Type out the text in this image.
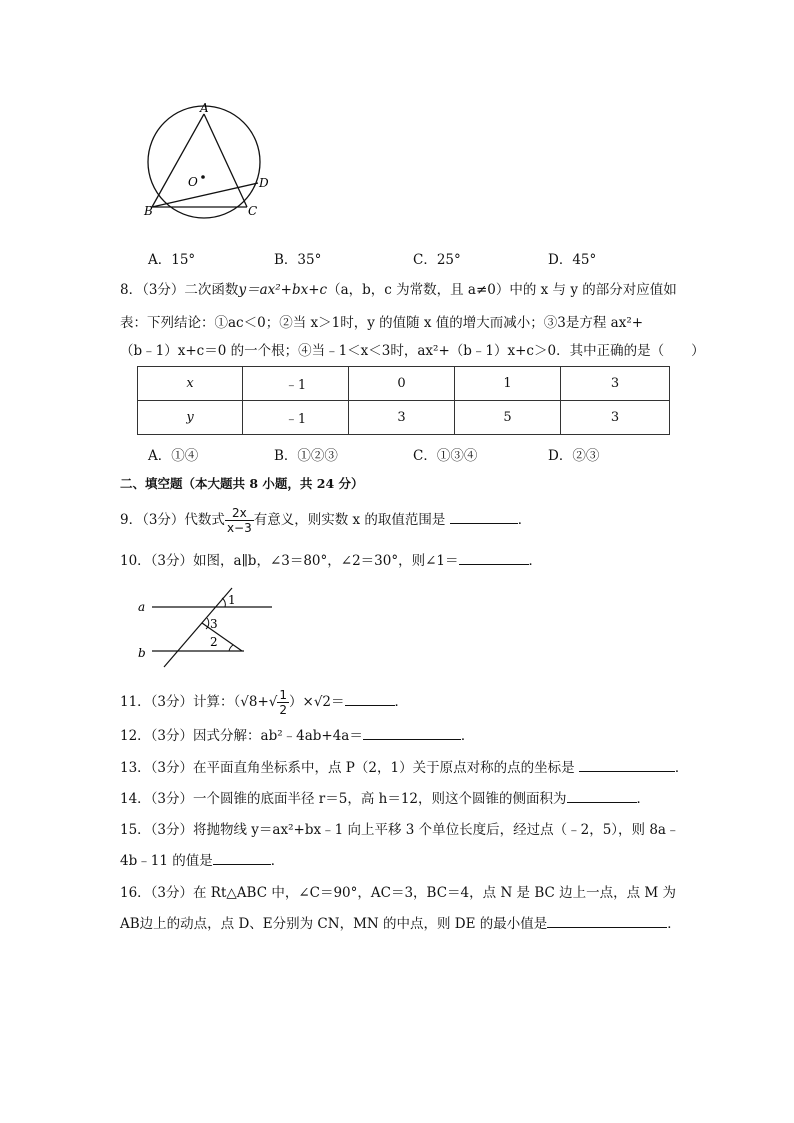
A
O
B	C
D
A．15°	B．35°	C．25°	D．45°
8．（3分）二次函数y＝ax²+bx+c（a，b，c 为常数，且 a≠0）中的 x 与 y 的部分对应值如
表：下列结论：①ac＜0；②当 x＞1时，y 的值随 x 值的增大而减小；③3是方程 ax²+
（b﹣1）x+c＝0 的一个根；④当﹣1＜x＜3时，ax²+（b﹣1）x+c＞0．其中正确的是（　　）
x	﹣1	0	1	3
y	﹣1	3	5	3
A．①④	B．①②③	C．①③④	D．②③
二、填空题（本大题共 8 小题，共 24 分）
9．（3分）代数式 $\frac{2x}{x-3}$ 有意义，则实数 x 的取值范围是	．
10．（3分）如图，a∥b，∠3＝80°，∠2＝30°，则∠1＝	．
a
b
1
3
2
11．（3分）计算：$(√8+√ \frac{1}{2} )\times√2=$	．
12．（3分）因式分解：ab²﹣4ab+4a＝	．
13．（3分）在平面直角坐标系中，点 P（2，1）关于原点对称的点的坐标是	．
14．（3分）一个圆锥的底面半径 r＝5，高 h＝12，则这个圆锥的侧面积为	．
15．（3分）将抛物线 y＝ax²+bx﹣1 向上平移 3 个单位长度后，经过点（﹣2，5），则 8a﹣
4b﹣11 的值是	．
16．（3分）在 Rt△ABC 中，∠C＝90°，AC＝3，BC＝4，点 N 是 BC 边上一点，点 M 为
AB边上的动点，点 D、E分别为 CN，MN 的中点，则 DE 的最小值是	．
